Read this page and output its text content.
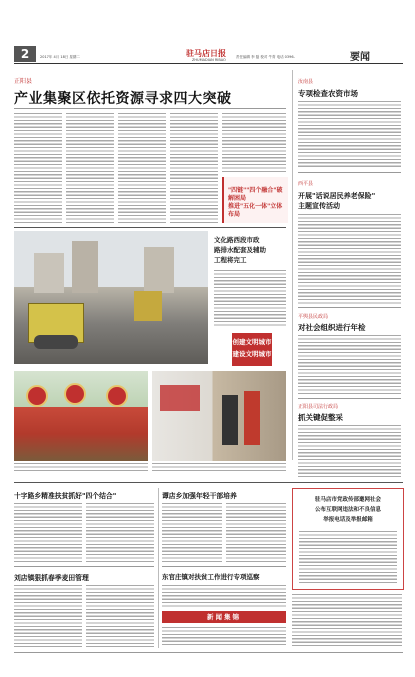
2	2017年 4月 18日 星期二	驻马店日报
ZHUMADIAN RIBAO
责任编辑 李 磊 校对 牛青 电话 0396-	要闻
正阳县
产业集聚区依托资源寻求四大突破
"四链""四个融合"破解困局
推进"五化一体"立体布局
文化路西段市政
路排水配套及辅助
工程将完工
创建文明城市
建设文明城市
汝南县
专项检查农资市场
西平县
开展"话说居民养老保险"
主题宣传活动
平舆县民政局
对社会组织进行年检
正阳县司法行政局
抓关键促整采
十字路乡精准扶贫抓好"四个结合"	谭店乡加强年轻干部培养
刘店镇狠抓春季麦田管理	东官庄镇对扶贫工作进行专项巡察
新闻集锦
驻马店市党政传部邀网社会
公布互联网违法和不良信息
举报电话及举报邮箱
